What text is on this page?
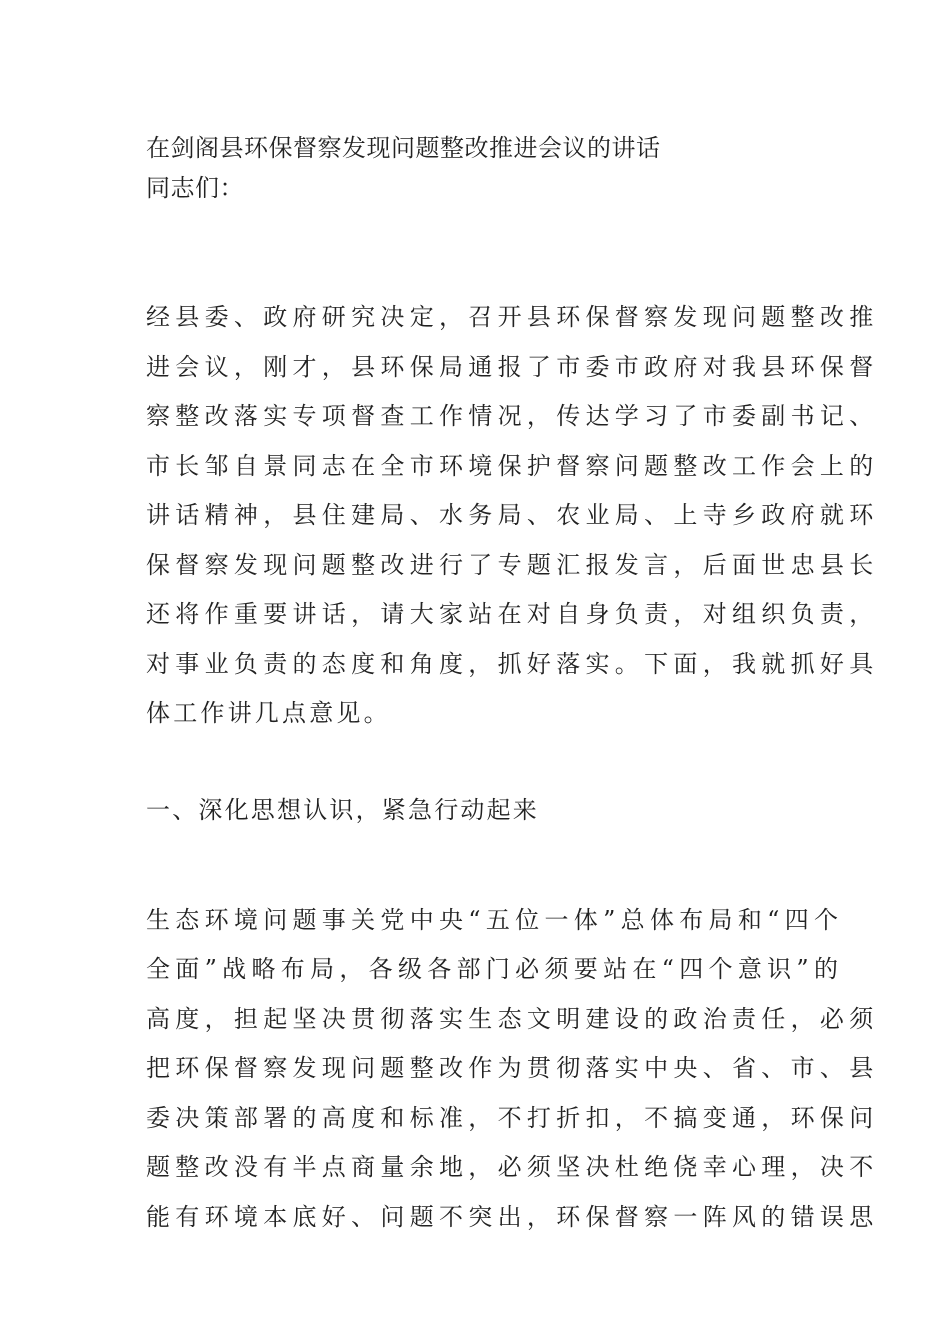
在剑阁县环保督察发现问题整改推进会议的讲话
同志们：
经县委、政府研究决定，召开县环保督察发现问题整改推
进会议，刚才，县环保局通报了市委市政府对我县环保督
察整改落实专项督查工作情况，传达学习了市委副书记、
市长邹自景同志在全市环境保护督察问题整改工作会上的
讲话精神，县住建局、水务局、农业局、上寺乡政府就环
保督察发现问题整改进行了专题汇报发言，后面世忠县长
还将作重要讲话，请大家站在对自身负责，对组织负责，
对事业负责的态度和角度，抓好落实。下面，我就抓好具
体工作讲几点意见。
一、深化思想认识，紧急行动起来
生态环境问题事关党中央“五位一体”总体布局和“四个
全面”战略布局，各级各部门必须要站在“四个意识”的
高度，担起坚决贯彻落实生态文明建设的政治责任，必须
把环保督察发现问题整改作为贯彻落实中央、省、市、县
委决策部署的高度和标准，不打折扣，不搞变通，环保问
题整改没有半点商量余地，必须坚决杜绝侥幸心理，决不
能有环境本底好、问题不突出，环保督察一阵风的错误思
